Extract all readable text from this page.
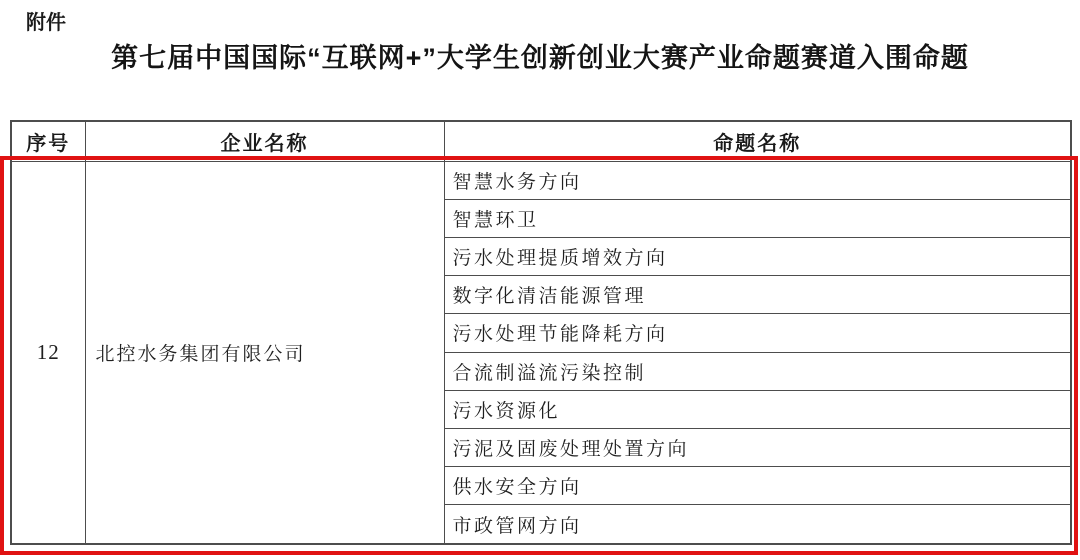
附件
第七届中国国际“互联网+”大学生创新创业大赛产业命题赛道入围命题
序号	企业名称	命题名称
12	北控水务集团有限公司	智慧水务方向
		智慧环卫
		污水处理提质增效方向
		数字化清洁能源管理
		污水处理节能降耗方向
		合流制溢流污染控制
		污水资源化
		污泥及固废处理处置方向
		供水安全方向
		市政管网方向
